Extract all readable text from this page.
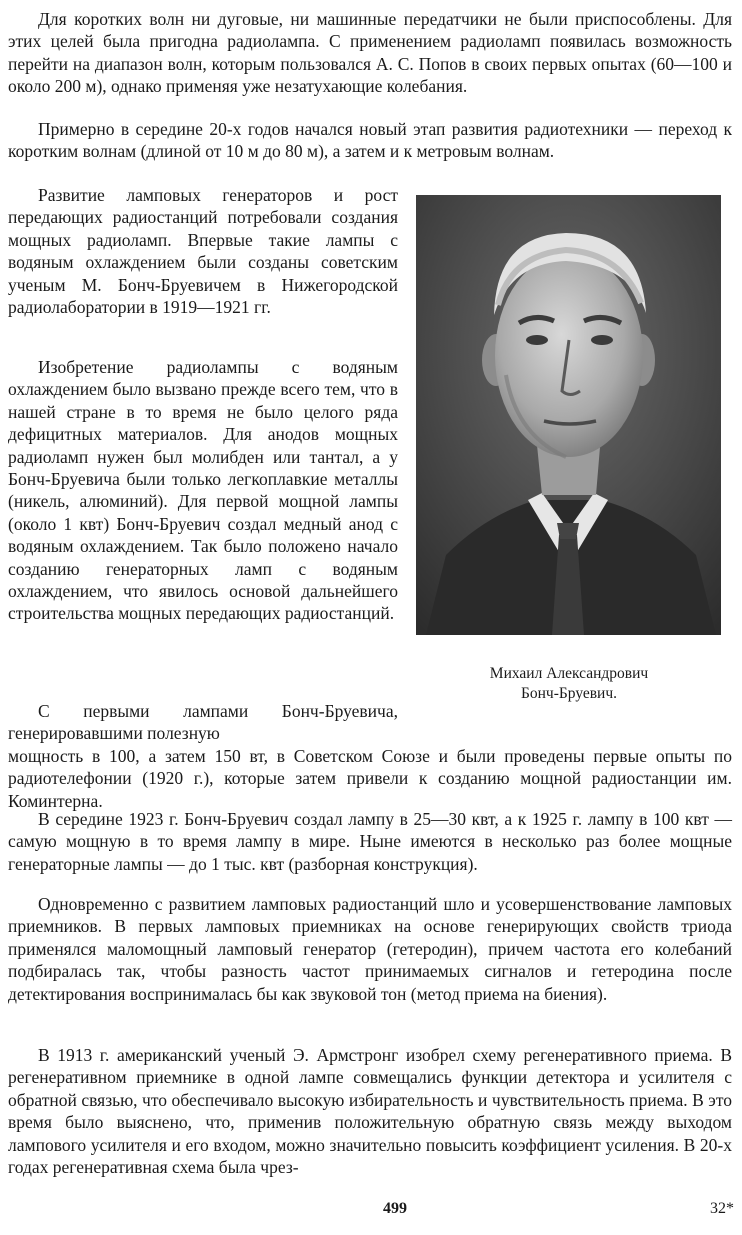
Для коротких волн ни дуговые, ни машинные передатчики не были приспособлены. Для этих целей была пригодна радиолампа. С применением радиоламп появилась возможность перейти на диапазон волн, которым пользовался А. С. Попов в своих первых опытах (60—100 и около 200 м), однако применяя уже незатухающие колебания.

Примерно в середине 20-х годов начался новый этап развития радиотехники — переход к коротким волнам (длиной от 10 м до 80 м), а затем и к метровым волнам.

Развитие ламповых генераторов и рост передающих радиостанций потребовали создания мощных радиоламп. Впервые такие лампы с водяным охлаждением были созданы советским ученым М. Бонч-Бруевичем в Нижегородской радиолаборатории в 1919—1921 гг.

Изобретение радиолампы с водяным охлаждением было вызвано прежде всего тем, что в нашей стране в то время не было целого ряда дефицитных материалов. Для анодов мощных радиоламп нужен был молибден или тантал, а у Бонч-Бруевича были только легкоплавкие металлы (никель, алюминий). Для первой мощной лампы (около 1 квт) Бонч-Бруевич создал медный анод с водяным охлаждением. Так было положено начало созданию генераторных ламп с водяным охлаждением, что явилось основой дальнейшего строительства мощных передающих радиостанций.

С первыми лампами Бонч-Бруевича, генерировавшими полезную

мощность в 100, а затем 150 вт, в Советском Союзе и были проведены первые опыты по радиотелефонии (1920 г.), которые затем привели к созданию мощной радиостанции им. Коминтерна.

В середине 1923 г. Бонч-Бруевич создал лампу в 25—30 квт, а к 1925 г. лампу в 100 квт — самую мощную в то время лампу в мире. Ныне имеются в несколько раз более мощные генераторные лампы — до 1 тыс. квт (разборная конструкция).

Одновременно с развитием ламповых радиостанций шло и усовершенствование ламповых приемников. В первых ламповых приемниках на основе генерирующих свойств триода применялся маломощный ламповый генератор (гетеродин), причем частота его колебаний подбиралась так, чтобы разность частот принимаемых сигналов и гетеродина после детектирования воспринималась бы как звуковой тон (метод приема на биения).

В 1913 г. американский ученый Э. Армстронг изобрел схему регенеративного приема. В регенеративном приемнике в одной лампе совмещались функции детектора и усилителя с обратной связью, что обеспечивало высокую избирательность и чувствительность приема. В это время было выяснено, что, применив положительную обратную связь между выходом лампового усилителя и его входом, можно значительно повысить коэффициент усиления. В 20-х годах регенеративная схема была чрез-

Михаил Александрович
Бонч-Бруевич.
499	32*
